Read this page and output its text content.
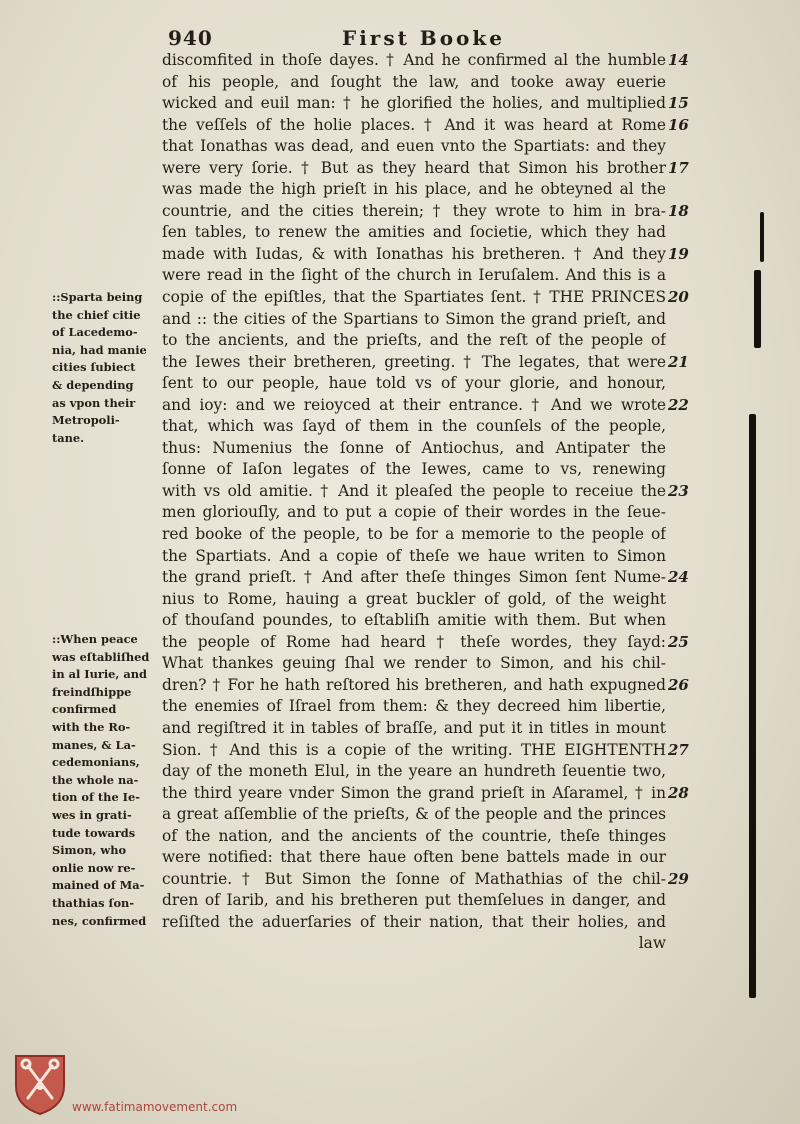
940	First Booke
discomfited in thoſe dayes. † And he confirmed al the humble
of his people, and ſought the law, and tooke away euerie
wicked and euil man: † he glorified the holies, and multiplied
the veſſels of the holie places. † And it was heard at Rome
that Ionathas was dead, and euen vnto the Spartiats: and they
were very ſorie. † But as they heard that Simon his brother
was made the high prieſt in his place, and he obteyned al the
countrie, and the cities therein; † they wrote to him in bra-
ſen tables, to renew the amities and ſocietie, which they had
made with Iudas, & with Ionathas his bretheren. † And they
were read in the ſight of the church in Ieruſalem. And this is a
copie of the epiſtles, that the Spartiates ſent. † THE PRINCES
and :: the cities of the Spartians to Simon the grand prieſt, and
to the ancients, and the prieſts, and the reſt of the people of
the Iewes their bretheren, greeting. † The legates, that were
ſent to our people, haue told vs of your glorie, and honour,
and ioy: and we reioyced at their entrance. † And we wrote
that, which was ſayd of them in the counſels of the people,
thus: Numenius the ſonne of Antiochus, and Antipater the
ſonne of Iaſon legates of the Iewes, came to vs, renewing
with vs old amitie. † And it pleaſed the people to receiue the
men gloriouſly, and to put a copie of their wordes in the ſeue-
red booke of the people, to be for a memorie to the people of
the Spartiats. And a copie of theſe we haue writen to Simon
the grand prieſt. † And after theſe thinges Simon ſent Nume-
nius to Rome, hauing a great buckler of gold, of the weight
of thouſand poundes, to eſtabliſh amitie with them. But when
the people of Rome had heard † theſe wordes, they ſayd:
What thankes geuing ſhal we render to Simon, and his chil-
dren? † For he hath reſtored his bretheren, and hath expugned
the enemies of Iſrael from them: & they decreed him libertie,
and regiſtred it in tables of braſſe, and put it in titles in mount
Sion. † And this is a copie of the writing. THE EIGHTENTH
day of the moneth Elul, in the yeare an hundreth ſeuentie two,
the third yeare vnder Simon the grand prieſt in Aſaramel, † in
a great aſſemblie of the prieſts, & of the people and the princes
of the nation, and the ancients of the countrie, theſe thinges
were notified: that there haue often bene battels made in our
countrie. † But Simon the ſonne of Mathathias of the chil-
dren of Iarib, and his bretheren put themſelues in danger, and
reſiſted the aduerſaries of their nation, that their holies, and
law
14
15
16
17
18
19
20
21
22
23
24
25
26
27
28
29
::Sparta being
the chief citie
of Lacedemo-
nia, had manie
cities ſubiect
& depending
as vpon their
Metropoli-
tane.
::When peace
was eſtabliſhed
in al Iurie, and
freindſhippe
confirmed
with the Ro-
manes, & La-
cedemonians,
the whole na-
tion of the Ie-
wes in grati-
tude towards
Simon, who
onlie now re-
mained of Ma-
thathias ſon-
nes, confirmed
www.fatimamovement.com
